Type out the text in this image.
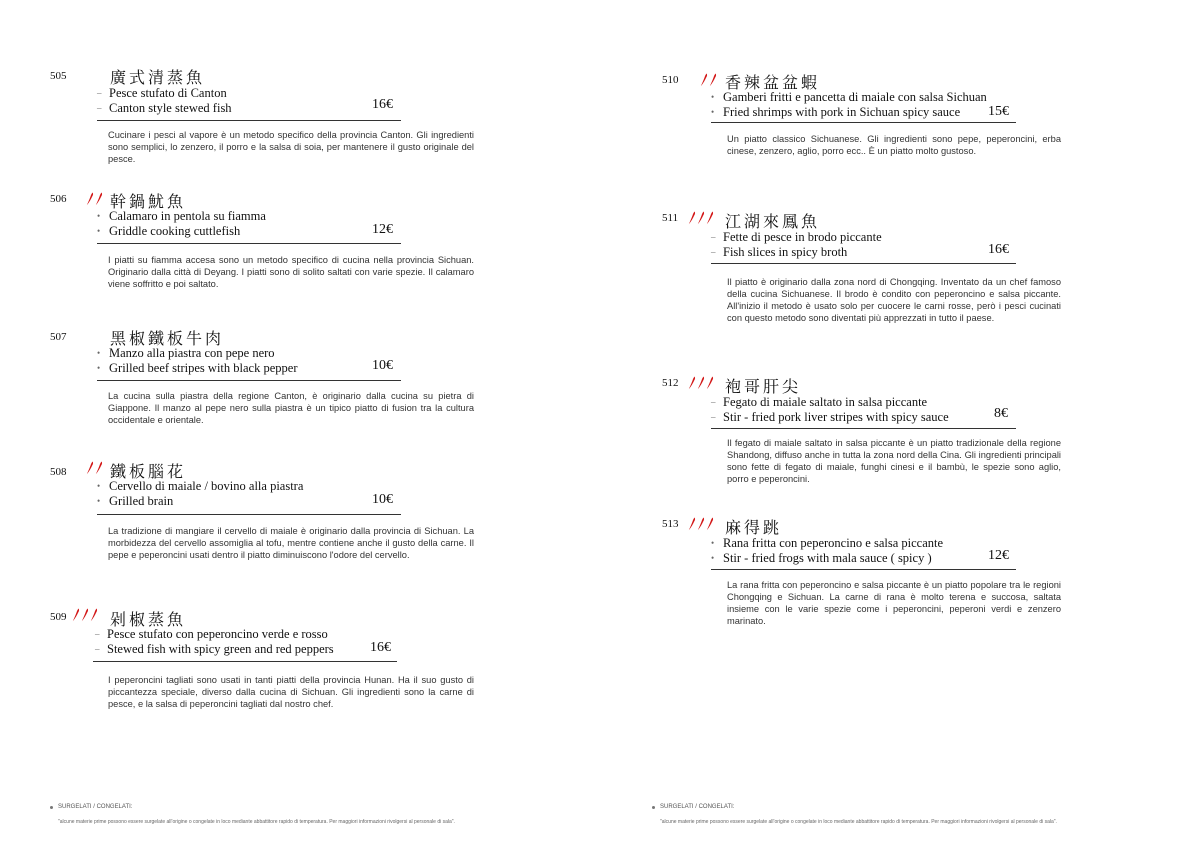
505	廣式清蒸魚
– Pesce stufato di Canton
– Canton style stewed fish	16€
Cucinare i pesci al vapore è un metodo specifico della provincia Canton. Gli ingredienti sono semplici, lo zenzero, il porro e la salsa di soia, per mantenere il gusto originale del pesce.
506	幹鍋魷魚
• Calamaro in pentola su fiamma
• Griddle cooking cuttlefish	12€
I piatti su fiamma accesa sono un metodo specifico di cucina nella provincia Sichuan. Originario dalla città di Deyang. I piatti sono di solito saltati con varie spezie. Il calamaro viene soffritto e poi saltato.
507	黑椒鐵板牛肉
• Manzo alla piastra con pepe nero
• Grilled beef stripes with black pepper	10€
La cucina sulla piastra della regione Canton, è originario dalla cucina su pietra di Giappone. Il manzo al pepe nero sulla piastra è un tipico piatto di fusion tra la cultura occidentale e orientale.
508	鐵板腦花
• Cervello di maiale / bovino alla piastra
• Grilled brain	10€
La tradizione di mangiare il cervello di maiale è originario dalla provincia di Sichuan. La morbidezza del cervello assomiglia al tofu, mentre contiene anche il gusto della carne. Il pepe e peperoncini usati dentro il piatto diminuiscono l'odore del cervello.
509	剁椒蒸魚
– Pesce stufato con peperoncino verde e rosso
– Stewed fish with spicy green and red peppers	16€
I peperoncini tagliati sono usati in tanti piatti della provincia Hunan. Ha il suo gusto di piccantezza speciale, diverso dalla cucina di Sichuan. Gli ingredienti sono la carne di pesce, e la salsa di peperoncini tagliati dal nostro chef.
510	香辣盆盆蝦
• Gamberi fritti e pancetta di maiale con salsa Sichuan
• Fried shrimps with pork in Sichuan spicy sauce 15€
Un piatto classico Sichuanese. Gli ingredienti sono pepe, peperoncini, erba cinese, zenzero, aglio, porro ecc.. È un piatto molto gustoso.
511	江湖來鳳魚
– Fette di pesce in brodo piccante
– Fish slices in spicy broth	16€
Il piatto è originario dalla zona nord di Chongqing. Inventato da un chef famoso della cucina Sichuanese. Il brodo è condito con peperoncino e salsa piccante. All'inizio il metodo è usato solo per cuocere le carni rosse, però i pesci cucinati con questo metodo sono diventati più apprezzati in tutto il paese.
512	袍哥肝尖
– Fegato di maiale saltato in salsa piccante
– Stir - fried pork liver stripes with spicy sauce	8€
Il fegato di maiale saltato in salsa piccante è un piatto tradizionale della regione Shandong, diffuso anche in tutta la zona nord della Cina. Gli ingredienti principali sono fette di fegato di maiale, funghi cinesi e il bambù, le spezie sono aglio, porro e peperoncini.
513	麻得跳
• Rana fritta con peperoncino e salsa piccante
• Stir - fried frogs with mala sauce ( spicy )	12€
La rana fritta con peperoncino e salsa piccante è un piatto popolare tra le regioni Chongqing e Sichuan. La carne di rana è molto terena e succosa, saltata insieme con le varie spezie come i peperoncini, peperoni verdi e zenzero marinato.
SURGELATI / CONGELATI:
"alcune materie prime possono essere surgelate all'origine o congelate in loco mediante abbattitore rapido di temperatura. Per maggiori informazioni rivolgersi al personale di sala".
SURGELATI / CONGELATI:
"alcune materie prime possono essere surgelate all'origine o congelate in loco mediante abbattitore rapido di temperatura. Per maggiori informazioni rivolgersi al personale di sala".
